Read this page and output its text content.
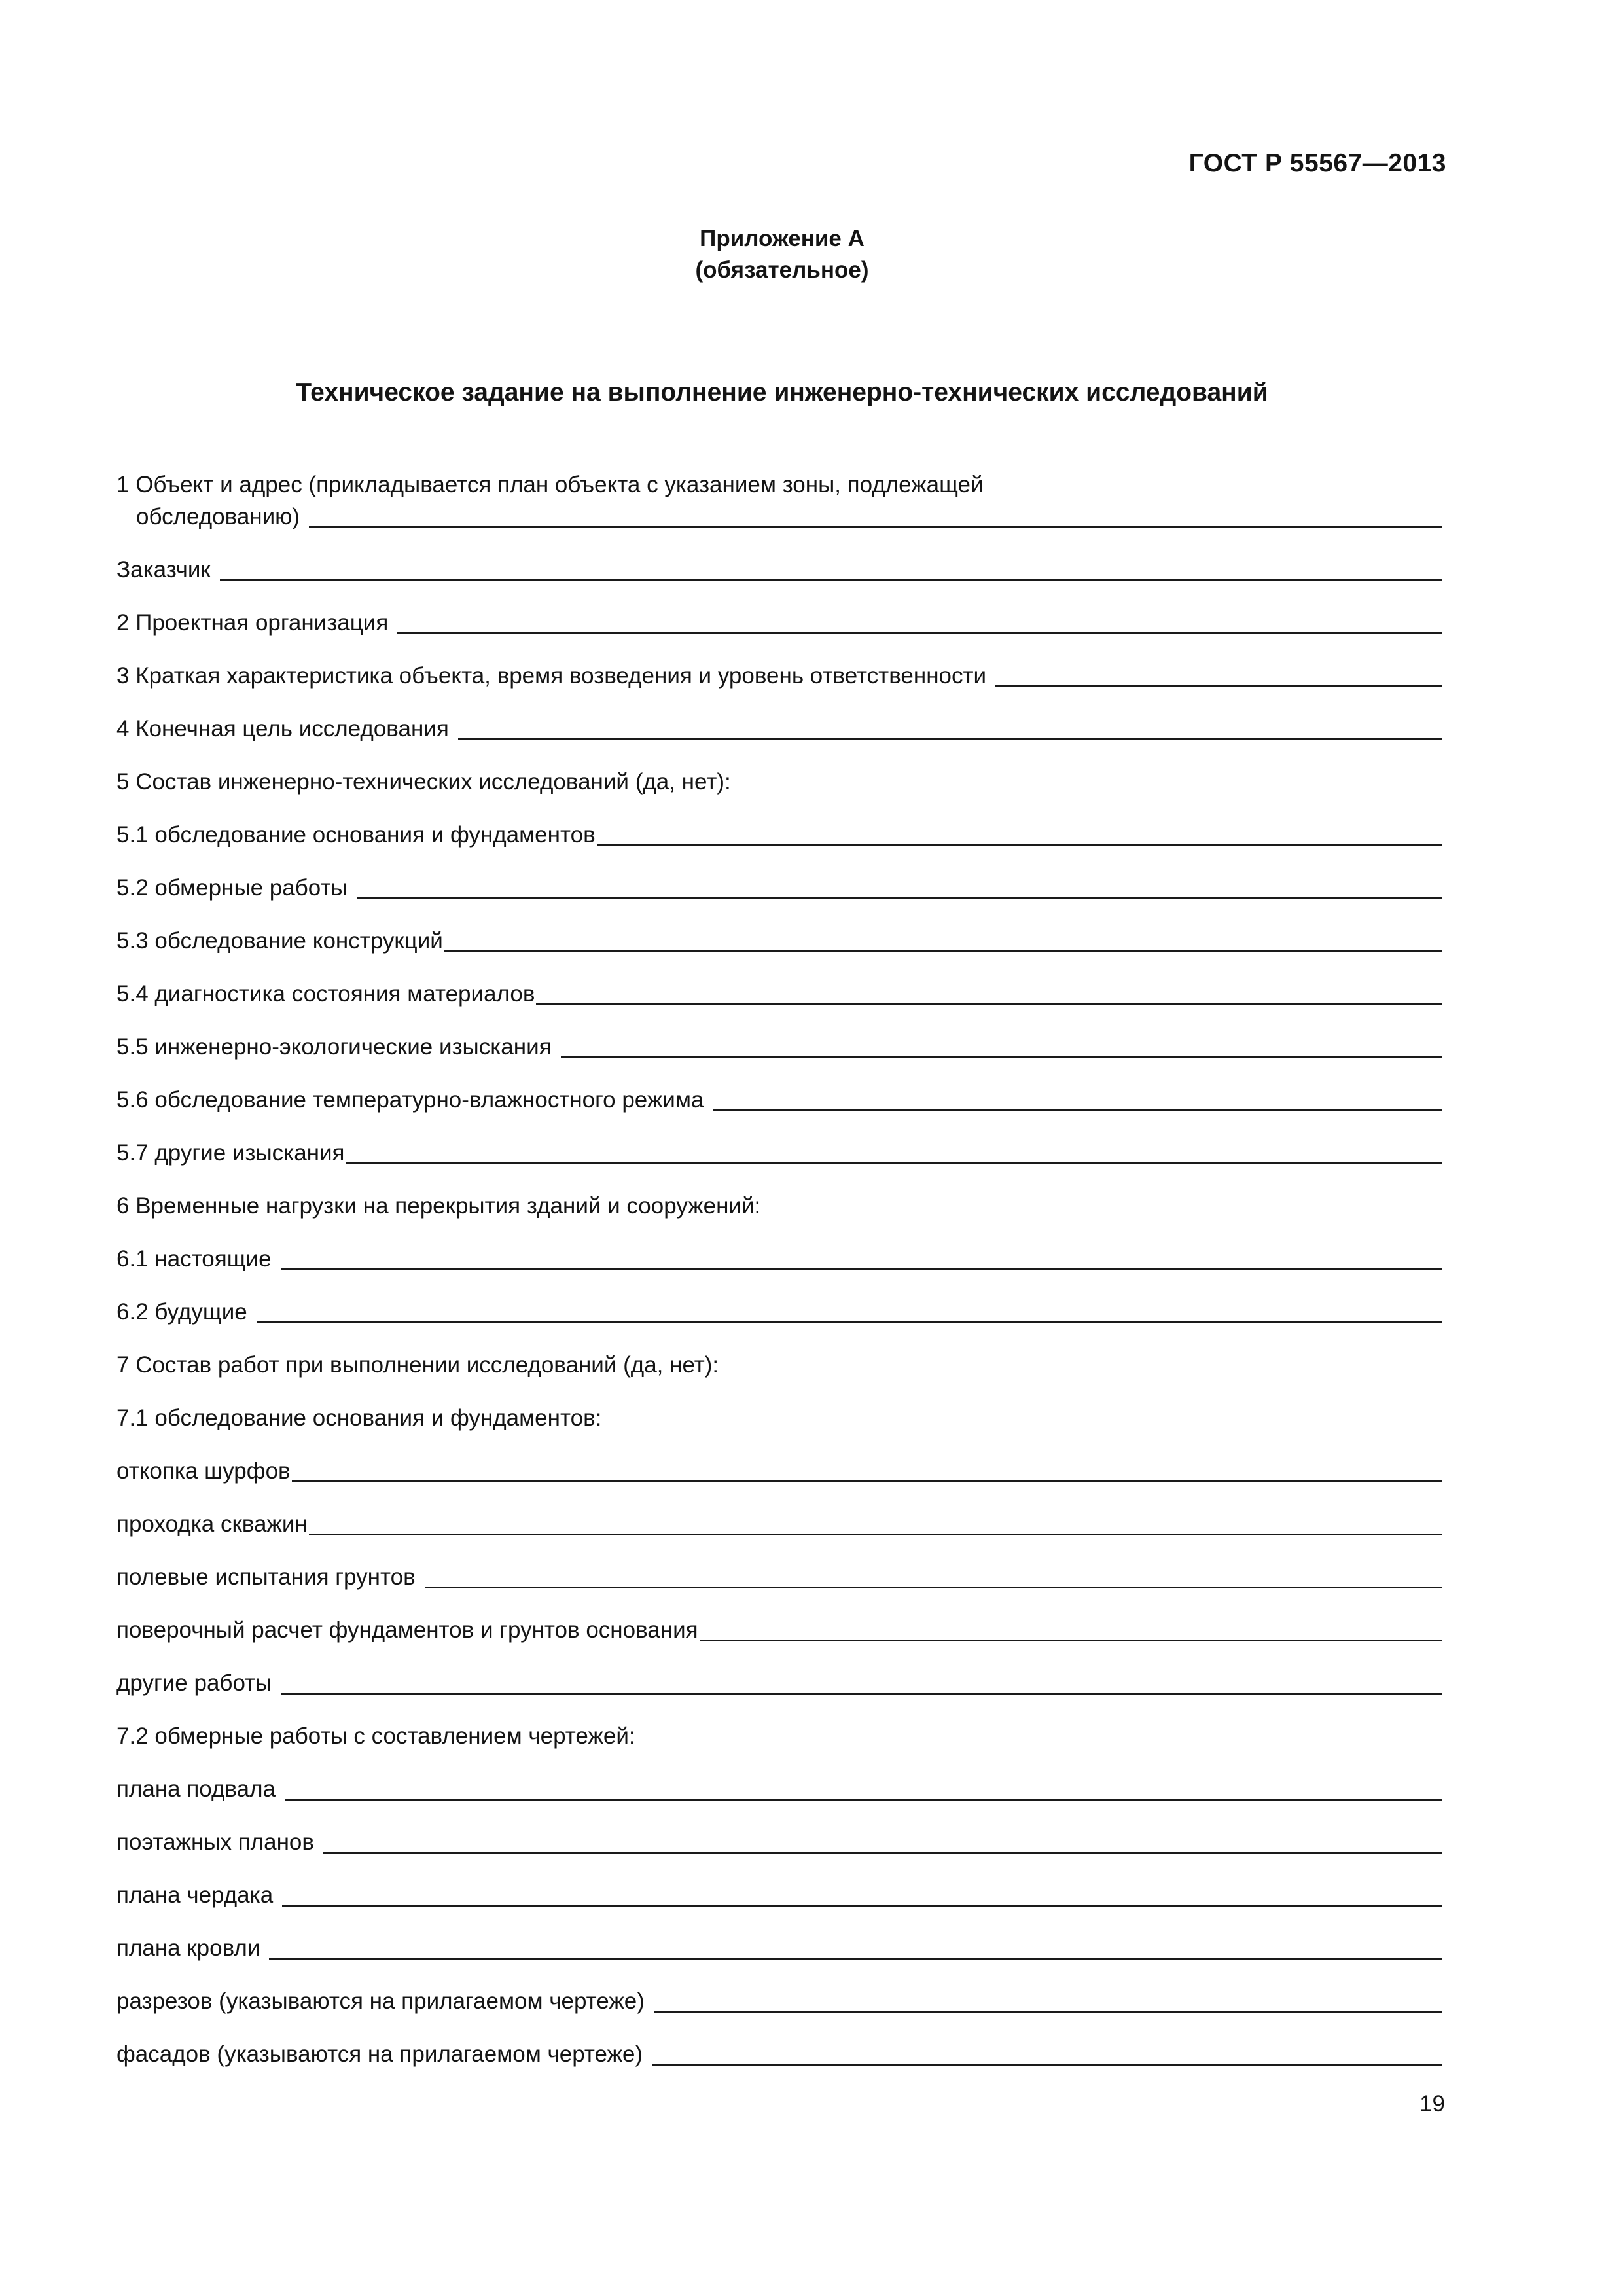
ГОСТ Р 55567—2013
Приложение А
(обязательное)
Техническое задание на выполнение инженерно-технических исследований
1 Объект и адрес (прикладывается план объекта с указанием зоны, подлежащей
обследованию)
Заказчик
2 Проектная организация
3 Краткая характеристика объекта, время возведения и уровень ответственности
4 Конечная цель исследования
5 Состав инженерно-технических исследований (да, нет):
5.1 обследование основания и фундаментов
5.2 обмерные работы
5.3 обследование конструкций
5.4 диагностика состояния материалов
5.5 инженерно-экологические изыскания
5.6 обследование температурно-влажностного режима
5.7 другие изыскания
6 Временные нагрузки на перекрытия зданий и сооружений:
6.1 настоящие
6.2 будущие
7 Состав работ при выполнении исследований (да, нет):
7.1 обследование основания и фундаментов:
откопка шурфов
проходка скважин
полевые испытания грунтов
поверочный расчет фундаментов и грунтов основания
другие работы
7.2 обмерные работы с составлением чертежей:
плана подвала
поэтажных планов
плана чердака
плана кровли
разрезов (указываются на прилагаемом чертеже)
фасадов (указываются на прилагаемом чертеже)
19
